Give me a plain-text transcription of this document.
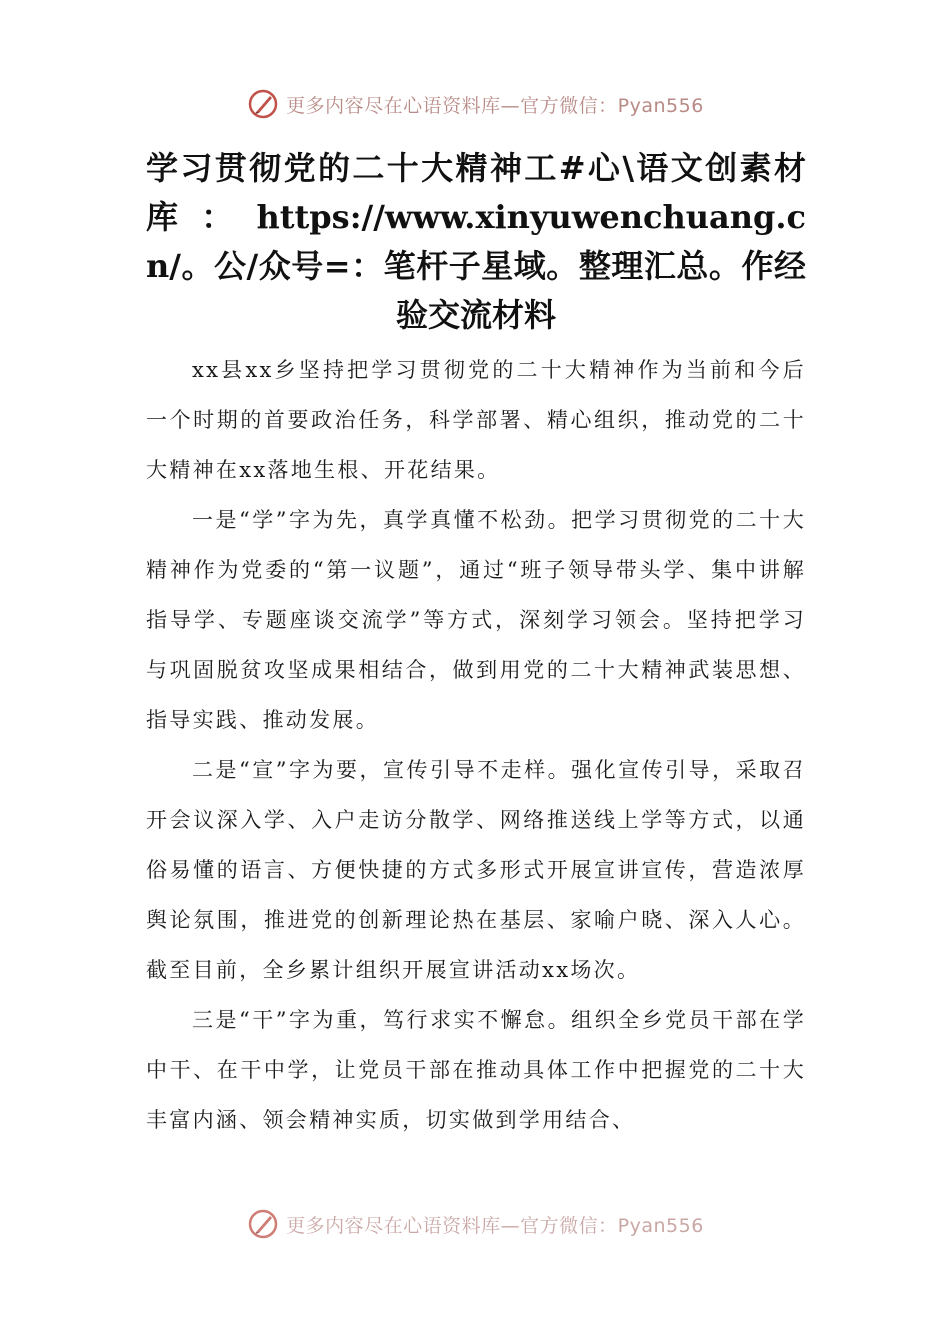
更多内容尽在心语资料库—官方微信：Pyan556
学习贯彻党的二十大精神工#心\语文创素材库：https://www.xinyuwenchuang.cn/。公/众号=：笔杆子星域。整理汇总。作经验交流材料

xx县xx乡坚持把学习贯彻党的二十大精神作为当前和今后一个时期的首要政治任务，科学部署、精心组织，推动党的二十大精神在xx落地生根、开花结果。

一是“学”字为先，真学真懂不松劲。把学习贯彻党的二十大精神作为党委的“第一议题”，通过“班子领导带头学、集中讲解指导学、专题座谈交流学”等方式，深刻学习领会。坚持把学习与巩固脱贫攻坚成果相结合，做到用党的二十大精神武装思想、指导实践、推动发展。

二是“宣”字为要，宣传引导不走样。强化宣传引导，采取召开会议深入学、入户走访分散学、网络推送线上学等方式，以通俗易懂的语言、方便快捷的方式多形式开展宣讲宣传，营造浓厚舆论氛围，推进党的创新理论热在基层、家喻户晓、深入人心。截至目前，全乡累计组织开展宣讲活动xx场次。

三是“干”字为重，笃行求实不懈怠。组织全乡党员干部在学中干、在干中学，让党员干部在推动具体工作中把握党的二十大丰富内涵、领会精神实质，切实做到学用结合、

更多内容尽在心语资料库—官方微信：Pyan556
